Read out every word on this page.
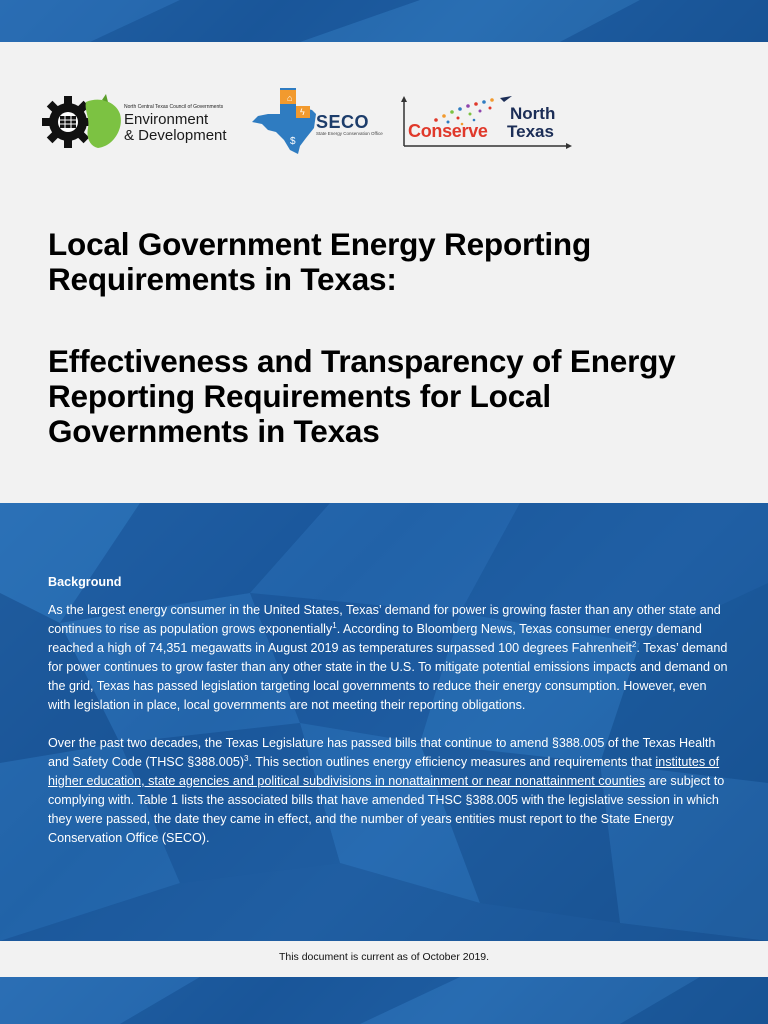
North Central Texas Council of Governments
Environment
& Development
⌂
ϟ
$
SECO
State Energy Conservation Office
North
Conserve Texas
Local Government Energy Reporting Requirements in Texas:
Effectiveness and Transparency of Energy Reporting Requirements for Local Governments in Texas

Background

As the largest energy consumer in the United States, Texas’ demand for power is growing faster than any other state and continues to rise as population grows exponentially$^1$. According to Bloomberg News, Texas consumer energy demand reached a high of 74,351 megawatts in August 2019 as temperatures surpassed 100 degrees Fahrenheit$^2$. Texas’ demand for power continues to grow faster than any other state in the U.S. To mitigate potential emissions impacts and demand on the grid, Texas has passed legislation targeting local governments to reduce their energy consumption. However, even with legislation in place, local governments are not meeting their reporting obligations.

Over the past two decades, the Texas Legislature has passed bills that continue to amend §388.005 of the Texas Health and Safety Code (THSC §388.005)$^3$. This section outlines energy efficiency measures and requirements that institutes of higher education, state agencies and political subdivisions in nonattainment or near nonattainment counties are subject to complying with. Table 1 lists the associated bills that have amended THSC §388.005 with the legislative session in which they were passed, the date they came in effect, and the number of years entities must report to the State Energy Conservation Office (SECO).

This document is current as of October 2019.
